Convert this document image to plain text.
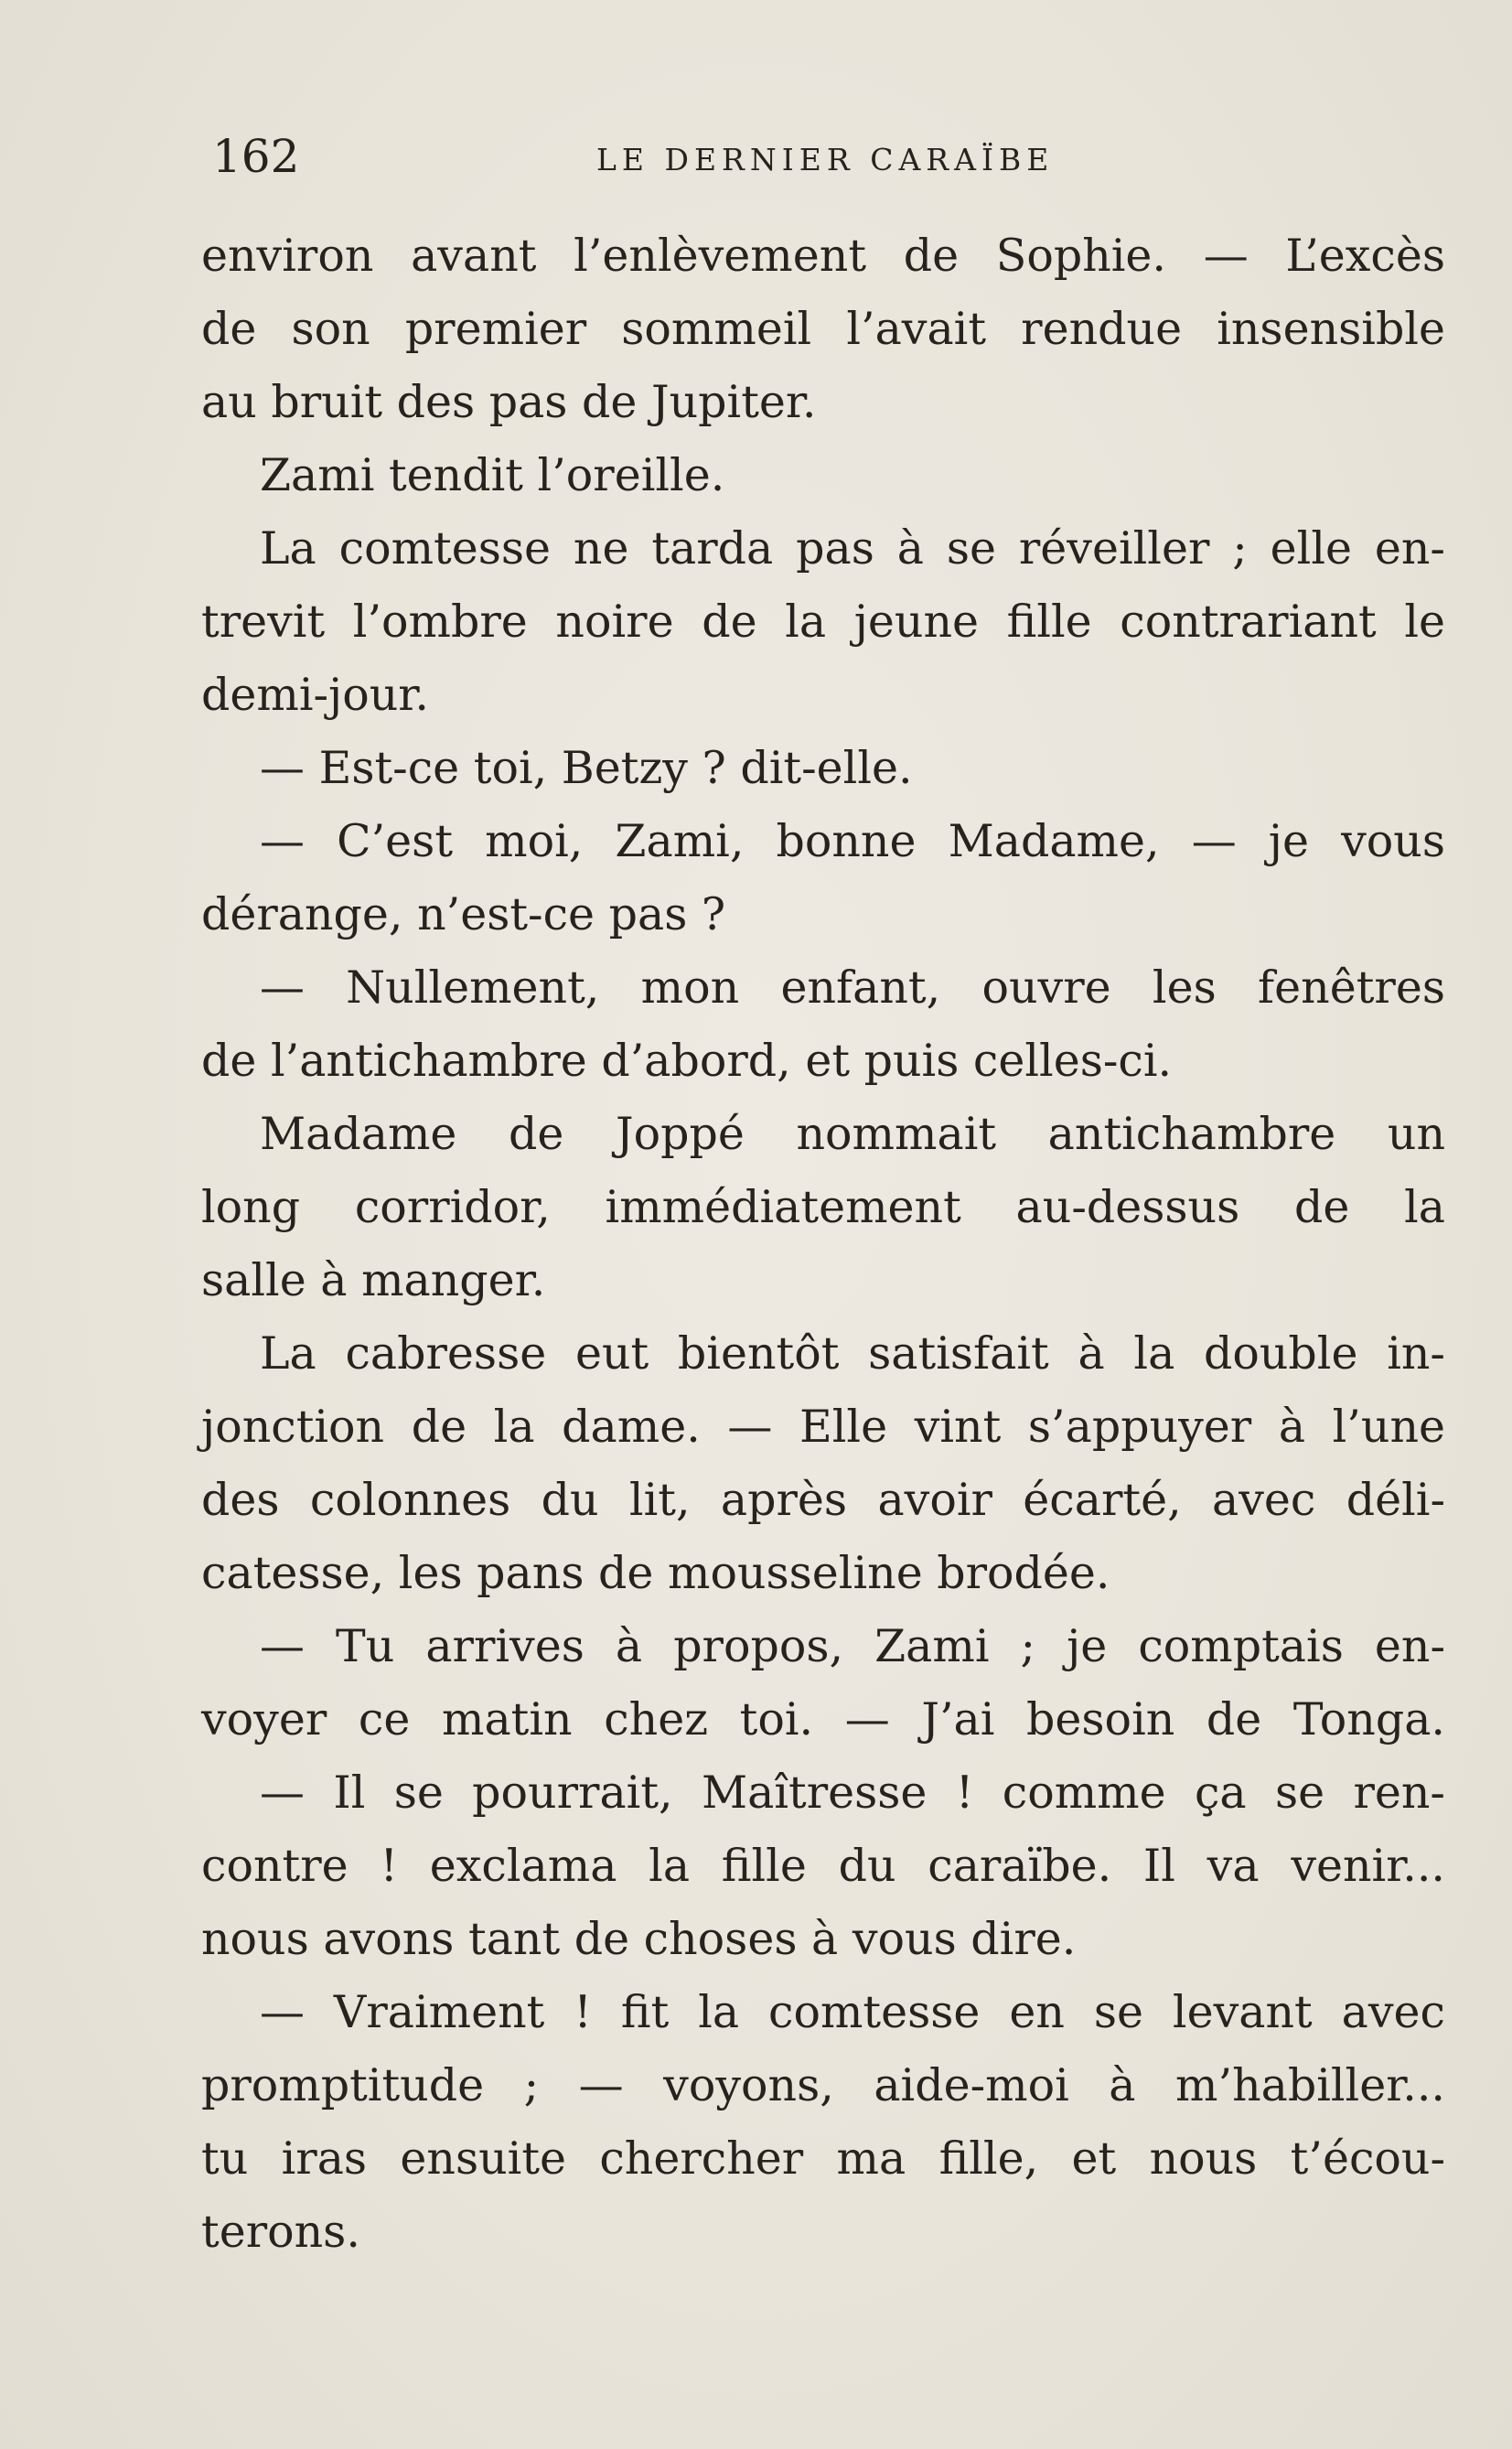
162	LE DERNIER CARAÏBE
environ avant l’enlèvement de Sophie. — L’excès
de son premier sommeil l’avait rendue insensible
au bruit des pas de Jupiter.
Zami tendit l’oreille.
La comtesse ne tarda pas à se réveiller ; elle en-
trevit l’ombre noire de la jeune fille contrariant le
demi-jour.
— Est-ce toi, Betzy ? dit-elle.
— C’est moi, Zami, bonne Madame, — je vous
dérange, n’est-ce pas ?
— Nullement, mon enfant, ouvre les fenêtres
de l’antichambre d’abord, et puis celles-ci.
Madame de Joppé nommait antichambre un
long corridor, immédiatement au-dessus de la
salle à manger.
La cabresse eut bientôt satisfait à la double in-
jonction de la dame. — Elle vint s’appuyer à l’une
des colonnes du lit, après avoir écarté, avec déli-
catesse, les pans de mousseline brodée.
— Tu arrives à propos, Zami ; je comptais en-
voyer ce matin chez toi. — J’ai besoin de Tonga.
— Il se pourrait, Maîtresse ! comme ça se ren-
contre ! exclama la fille du caraïbe. Il va venir...
nous avons tant de choses à vous dire.
— Vraiment ! fit la comtesse en se levant avec
promptitude ; — voyons, aide-moi à m’habiller...
tu iras ensuite chercher ma fille, et nous t’écou-
terons.
